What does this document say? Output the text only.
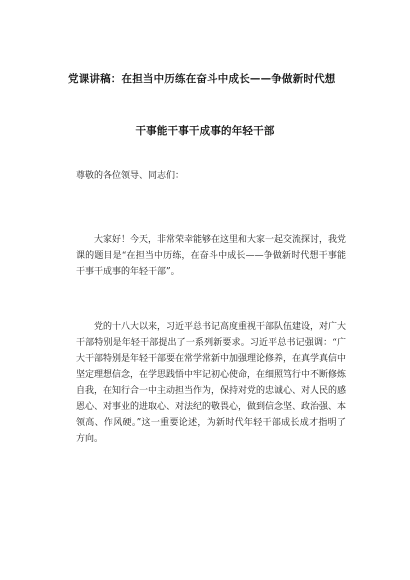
党课讲稿：在担当中历练在奋斗中成长——争做新时代想
干事能干事干成事的年轻干部
尊敬的各位领导、同志们：
大家好！今天，非常荣幸能够在这里和大家一起交流探讨，我党课的题目是“在担当中历练，在奋斗中成长——争做新时代想干事能干事干成事的年轻干部”。
党的十八大以来，习近平总书记高度重视干部队伍建设，对广大干部特别是年轻干部提出了一系列新要求。习近平总书记强调：“广大干部特别是年轻干部要在常学常新中加强理论修养，在真学真信中坚定理想信念，在学思践悟中牢记初心使命，在细照笃行中不断修炼自我，在知行合一中主动担当作为，保持对党的忠诚心、对人民的感恩心、对事业的进取心、对法纪的敬畏心，做到信念坚、政治强、本领高、作风硬。”这一重要论述，为新时代年轻干部成长成才指明了方向。
